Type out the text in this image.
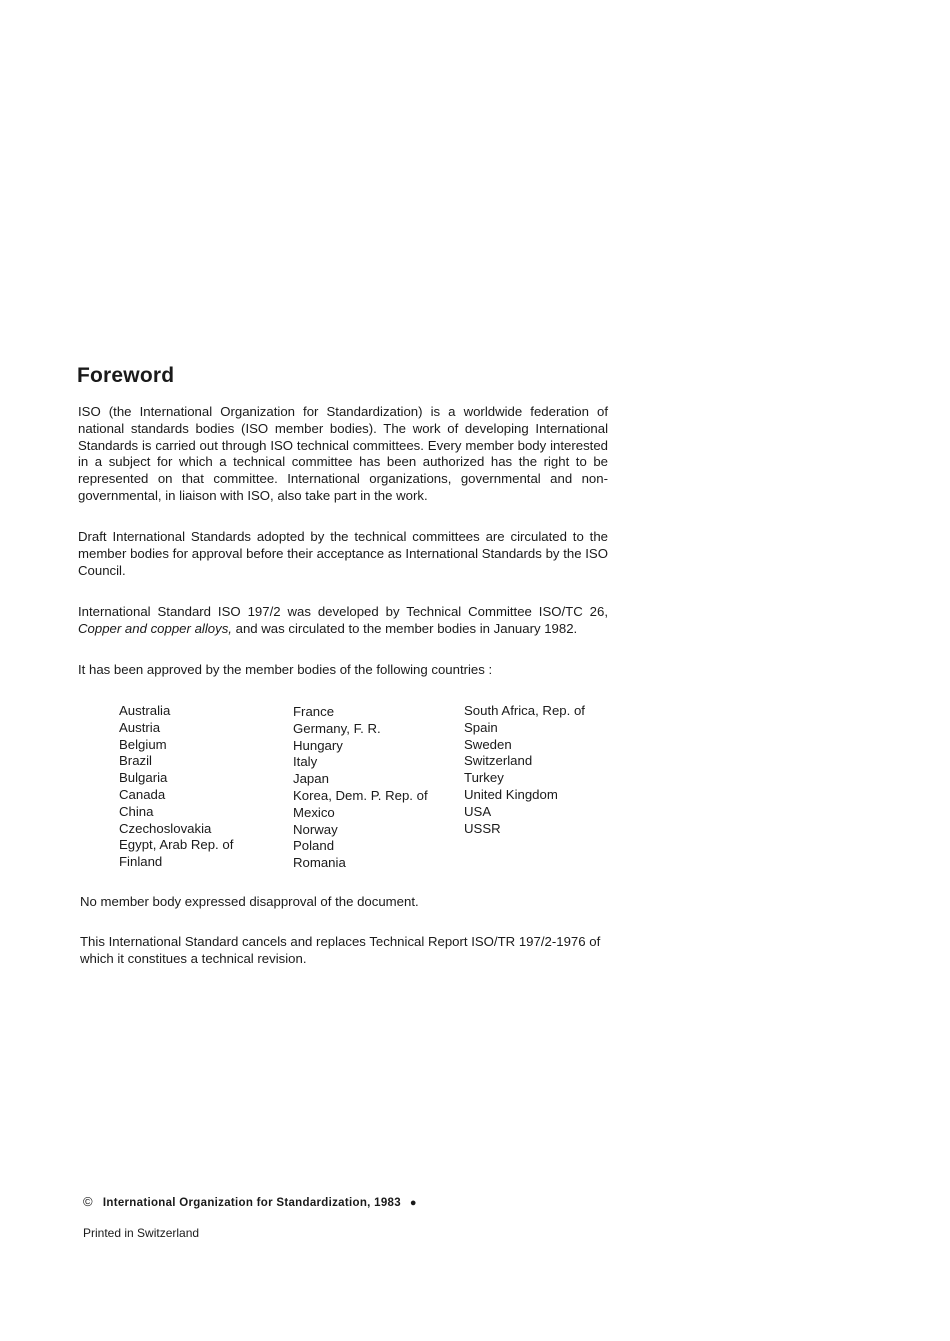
Foreword

ISO (the International Organization for Standardization) is a worldwide federation of national standards bodies (ISO member bodies). The work of developing International Standards is carried out through ISO technical committees. Every member body interested in a subject for which a technical committee has been authorized has the right to be represented on that committee. International organizations, governmental and non-governmental, in liaison with ISO, also take part in the work.

Draft International Standards adopted by the technical committees are circulated to the member bodies for approval before their acceptance as International Standards by the ISO Council.

International Standard ISO 197/2 was developed by Technical Committee ISO/TC 26, Copper and copper alloys, and was circulated to the member bodies in January 1982.

It has been approved by the member bodies of the following countries :

Australia
Austria
Belgium
Brazil
Bulgaria
Canada
China
Czechoslovakia
Egypt, Arab Rep. of
Finland
France
Germany, F. R.
Hungary
Italy
Japan
Korea, Dem. P. Rep. of
Mexico
Norway
Poland
Romania
South Africa, Rep. of
Spain
Sweden
Switzerland
Turkey
United Kingdom
USA
USSR

No member body expressed disapproval of the document.

This International Standard cancels and replaces Technical Report ISO/TR 197/2-1976 of which it constitues a technical revision.

© International Organization for Standardization, 1983 ●
Printed in Switzerland
